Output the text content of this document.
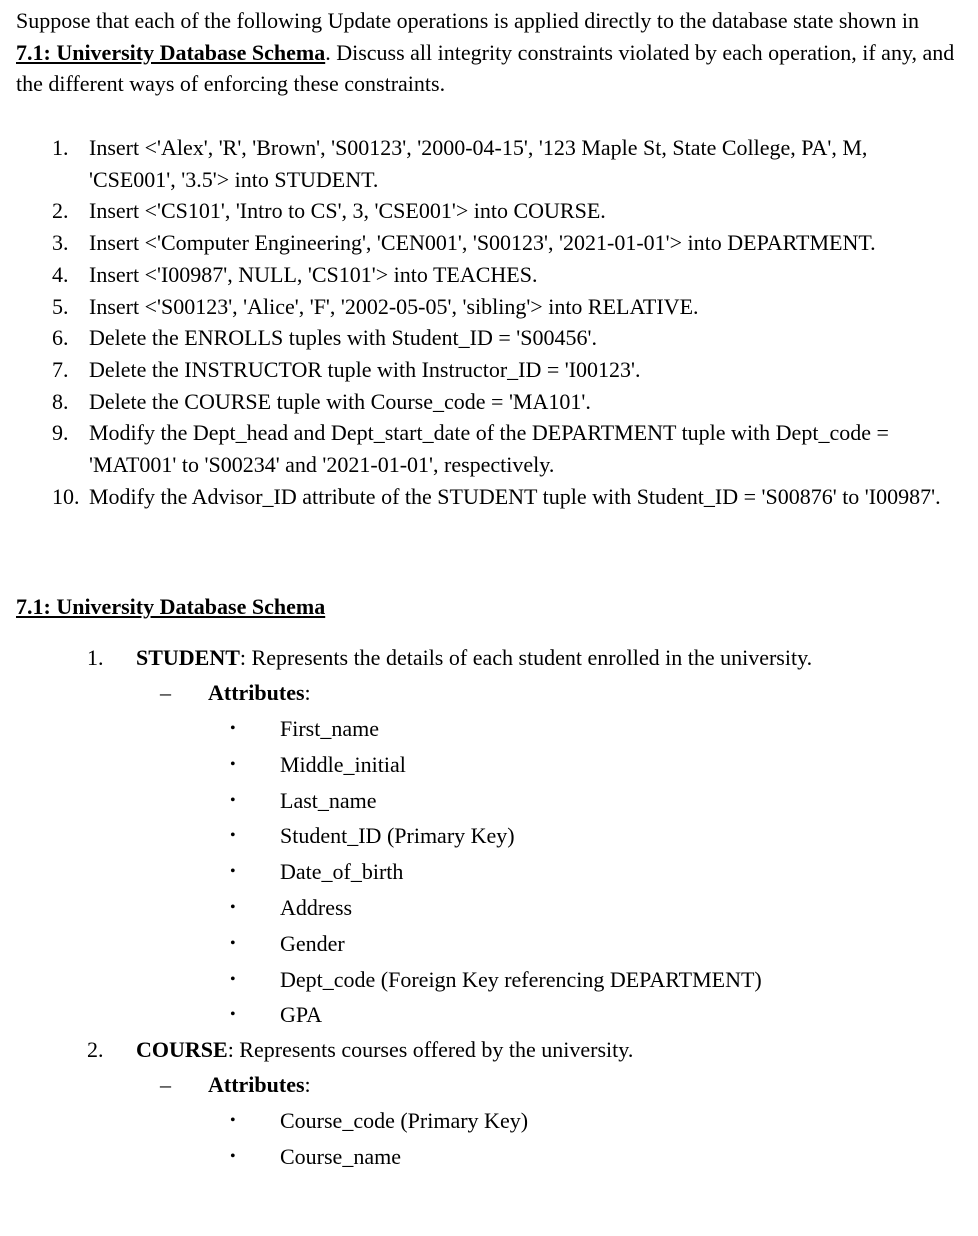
Suppose that each of the following Update operations is applied directly to the database state shown in 7.1: University Database Schema. Discuss all integrity constraints violated by each operation, if any, and the different ways of enforcing these constraints.

1. Insert <'Alex', 'R', 'Brown', 'S00123', '2000-04-15', '123 Maple St, State College, PA', M, 'CSE001', '3.5'> into STUDENT.
2. Insert <'CS101', 'Intro to CS', 3, 'CSE001'> into COURSE.
3. Insert <'Computer Engineering', 'CEN001', 'S00123', '2021-01-01'> into DEPARTMENT.
4. Insert <'I00987', NULL, 'CS101'> into TEACHES.
5. Insert <'S00123', 'Alice', 'F', '2002-05-05', 'sibling'> into RELATIVE.
6. Delete the ENROLLS tuples with Student_ID = 'S00456'.
7. Delete the INSTRUCTOR tuple with Instructor_ID = 'I00123'.
8. Delete the COURSE tuple with Course_code = 'MA101'.
9. Modify the Dept_head and Dept_start_date of the DEPARTMENT tuple with Dept_code = 'MAT001' to 'S00234' and '2021-01-01', respectively.
10. Modify the Advisor_ID attribute of the STUDENT tuple with Student_ID = 'S00876' to 'I00987'.
7.1: University Database Schema
1. STUDENT: Represents the details of each student enrolled in the university.
– Attributes:
• First_name
• Middle_initial
• Last_name
• Student_ID (Primary Key)
• Date_of_birth
• Address
• Gender
• Dept_code (Foreign Key referencing DEPARTMENT)
• GPA
2. COURSE: Represents courses offered by the university.
– Attributes:
• Course_code (Primary Key)
• Course_name
